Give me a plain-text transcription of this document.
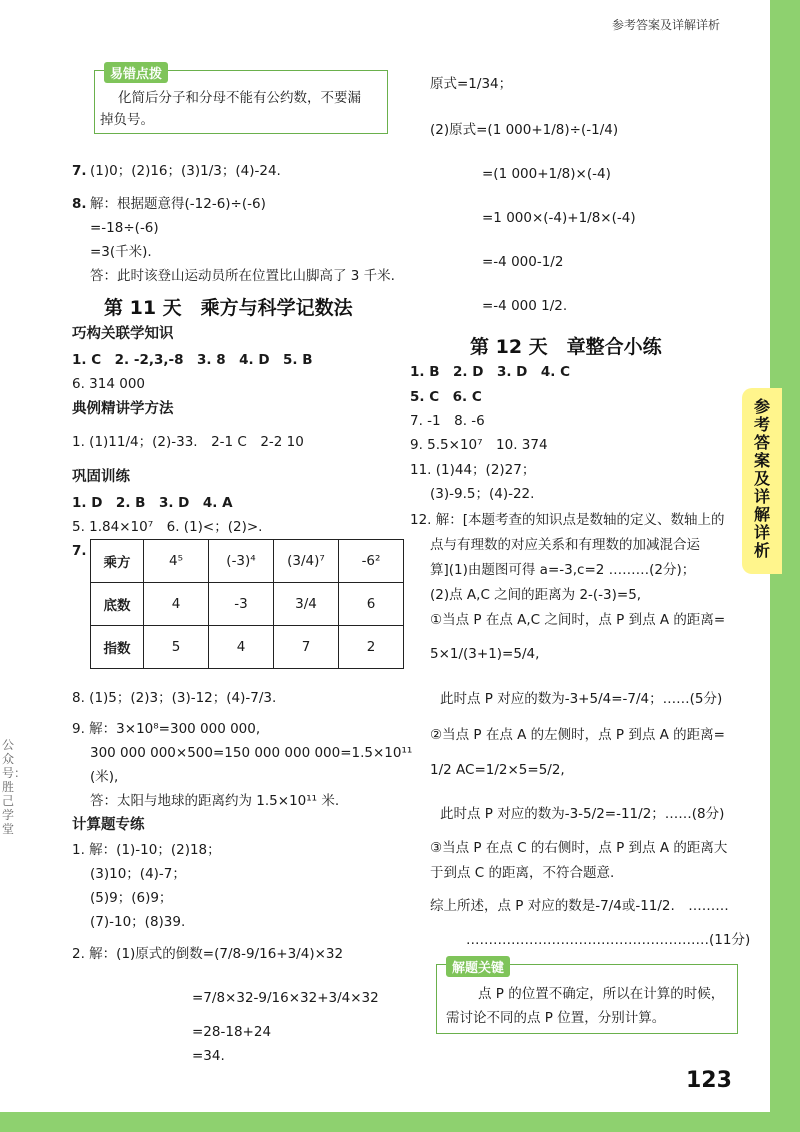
参考答案及详解详析
参考答案及详解详析
公众号：胜己学堂
易错点拨
化简后分子和分母不能有公约数，不要漏
掉负号。
(1)0；(2)16；(3)1/3；(4)-24.
7.
8. 解：根据题意得(-12-6)÷(-6)
=-18÷(-6)
=3(千米).
答：此时该登山运动员所在位置比山脚高了 3 千米.
第 11 天　乘方与科学记数法
巧构关联学知识
1. C　2. -2,3,-8　3. 8　4. D　5. B
6. 314 000
典例精讲学方法
1. (1)11/4；(2)-33.　2-1 C　2-2 10
巩固训练
1. D　2. B　3. D　4. A
5. 1.84×10⁷　6. (1)<；(2)>.
7.
乘方	4⁵	(-3)⁴	(3/4)⁷	-6²
底数	4	-3	3/4	6
指数	5	4	7	2
8. (1)5；(2)3；(3)-12；(4)-7/3.
9. 解：3×10⁸=300 000 000,
300 000 000×500=150 000 000 000=1.5×10¹¹
(米),
答：太阳与地球的距离约为 1.5×10¹¹ 米.
计算题专练
1. 解：(1)-10；(2)18；
(3)10；(4)-7；
(5)9；(6)9；
(7)-10；(8)39.
2. 解：(1)原式的倒数=(7/8-9/16+3/4)×32
=7/8×32-9/16×32+3/4×32
=28-18+24
=34.
原式=1/34；
(2)原式=(1 000+1/8)÷(-1/4)
=(1 000+1/8)×(-4)
=1 000×(-4)+1/8×(-4)
=-4 000-1/2
=-4 000 1/2.
第 12 天　章整合小练
1. B　2. D　3. D　4. C
5. C　6. C
7. -1　8. -6
9. 5.5×10⁷　10. 374
11. (1)44；(2)27；
(3)-9.5；(4)-22.
12. 解：[本题考查的知识点是数轴的定义、数轴上的
点与有理数的对应关系和有理数的加减混合运
算](1)由题图可得 a=-3,c=2 ………(2分)；
(2)点 A,C 之间的距离为 2-(-3)=5,
①当点 P 在点 A,C 之间时，点 P 到点 A 的距离=
5×1/(3+1)=5/4,
此时点 P 对应的数为-3+5/4=-7/4；……(5分)
②当点 P 在点 A 的左侧时，点 P 到点 A 的距离=
1/2 AC=1/2×5=5/2,
此时点 P 对应的数为-3-5/2=-11/2；……(8分)
③当点 P 在点 C 的右侧时，点 P 到点 A 的距离大
于到点 C 的距离，不符合题意.
综上所述，点 P 对应的数是-7/4或-11/2.　………
………………………………………………(11分)
解题关键
点 P 的位置不确定，所以在计算的时候，
需讨论不同的点 P 位置，分别计算。
123
